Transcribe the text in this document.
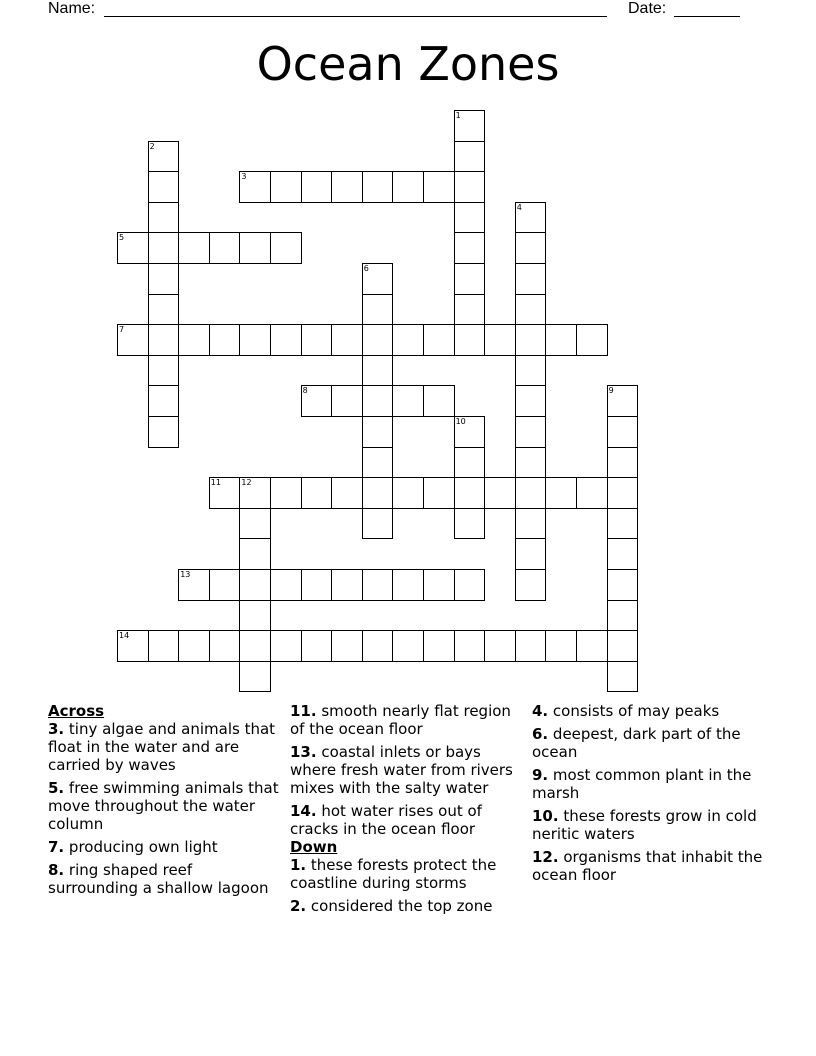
Name:	Date:
Ocean Zones
1
2
3
4
5
6
7
8	9
10
11	12
13
14

Across

3. tiny algae and animals that float in the water and are carried by waves

5. free swimming animals that move throughout the water column

7. producing own light

8. ring shaped reef surrounding a shallow lagoon

11. smooth nearly flat region of the ocean floor

13. coastal inlets or bays where fresh water from rivers mixes with the salty water

14. hot water rises out of cracks in the ocean floor

Down

1. these forests protect the coastline during storms

2. considered the top zone

4. consists of may peaks

6. deepest, dark part of the ocean

9. most common plant in the marsh

10. these forests grow in cold neritic waters

12. organisms that inhabit the ocean floor
